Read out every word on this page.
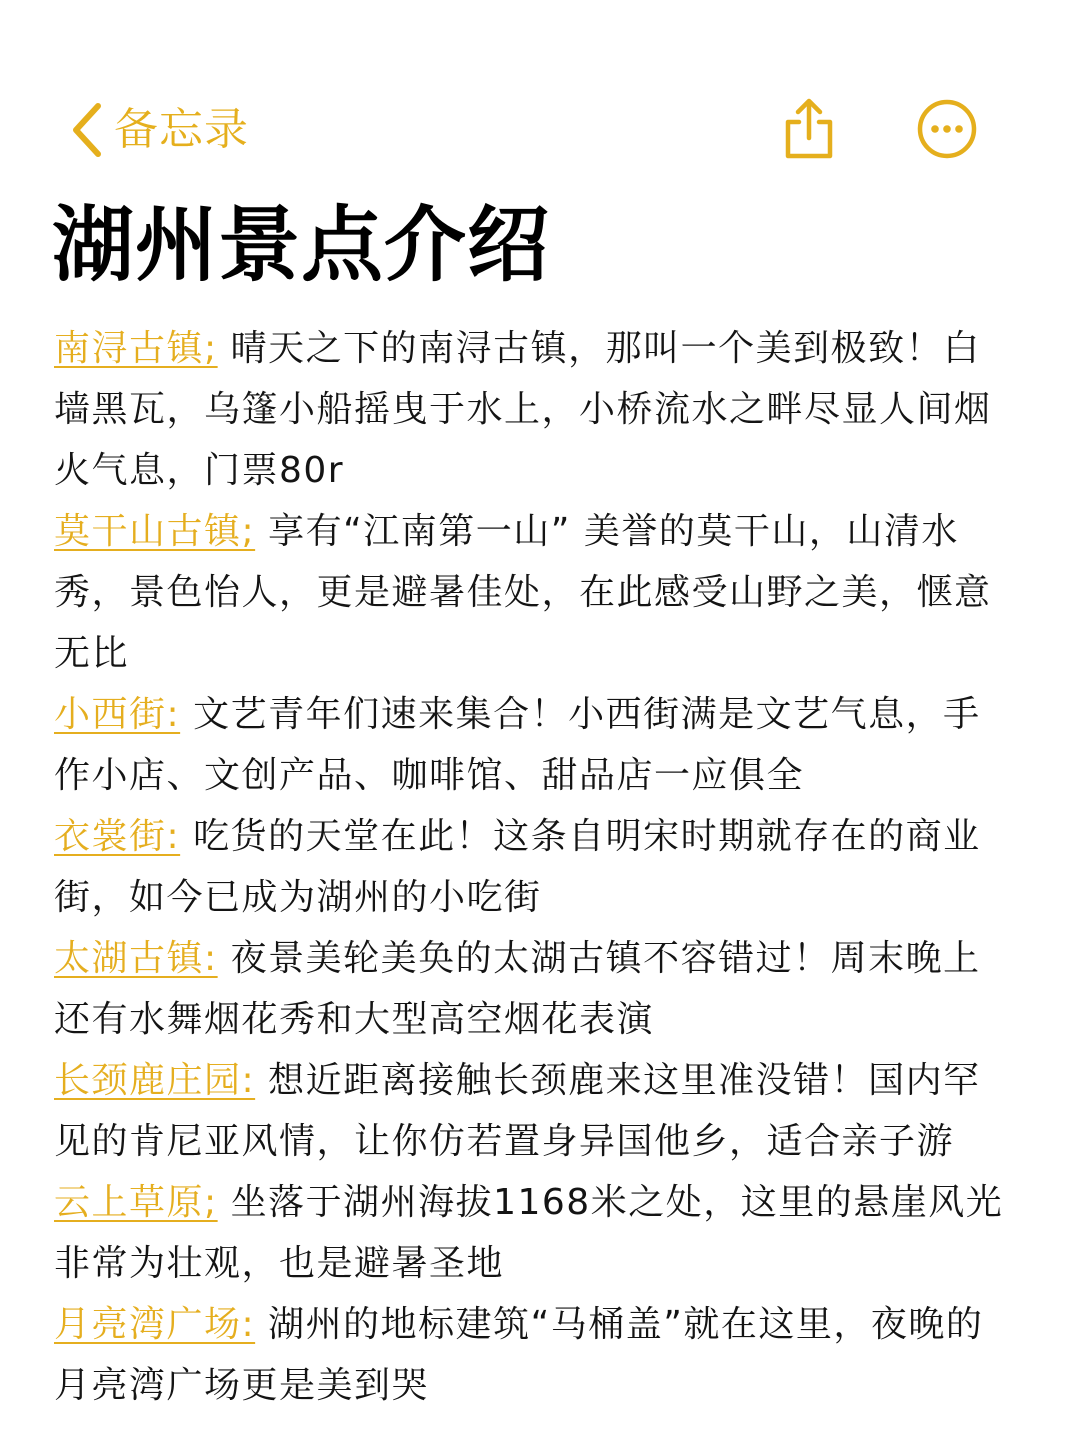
备忘录
湖州景点介绍

南浔古镇; 晴天之下的南浔古镇，那叫一个美到极致！白墙黑瓦，乌篷小船摇曳于水上，小桥流水之畔尽显人间烟火气息，门票80r

莫干山古镇; 享有“江南第一山” 美誉的莫干山，山清水秀，景色怡人，更是避暑佳处，在此感受山野之美，惬意无比

小西街: 文艺青年们速来集合！小西街满是文艺气息，手作小店、文创产品、咖啡馆、甜品店一应俱全

衣裳街: 吃货的天堂在此！这条自明宋时期就存在的商业街，如今已成为湖州的小吃街

太湖古镇: 夜景美轮美奂的太湖古镇不容错过！周末晚上还有水舞烟花秀和大型高空烟花表演

长颈鹿庄园: 想近距离接触长颈鹿来这里准没错！国内罕见的肯尼亚风情，让你仿若置身异国他乡，适合亲子游

云上草原; 坐落于湖州海拔1168米之处，这里的悬崖风光非常为壮观，也是避暑圣地

月亮湾广场: 湖州的地标建筑“马桶盖”就在这里，夜晚的月亮湾广场更是美到哭
